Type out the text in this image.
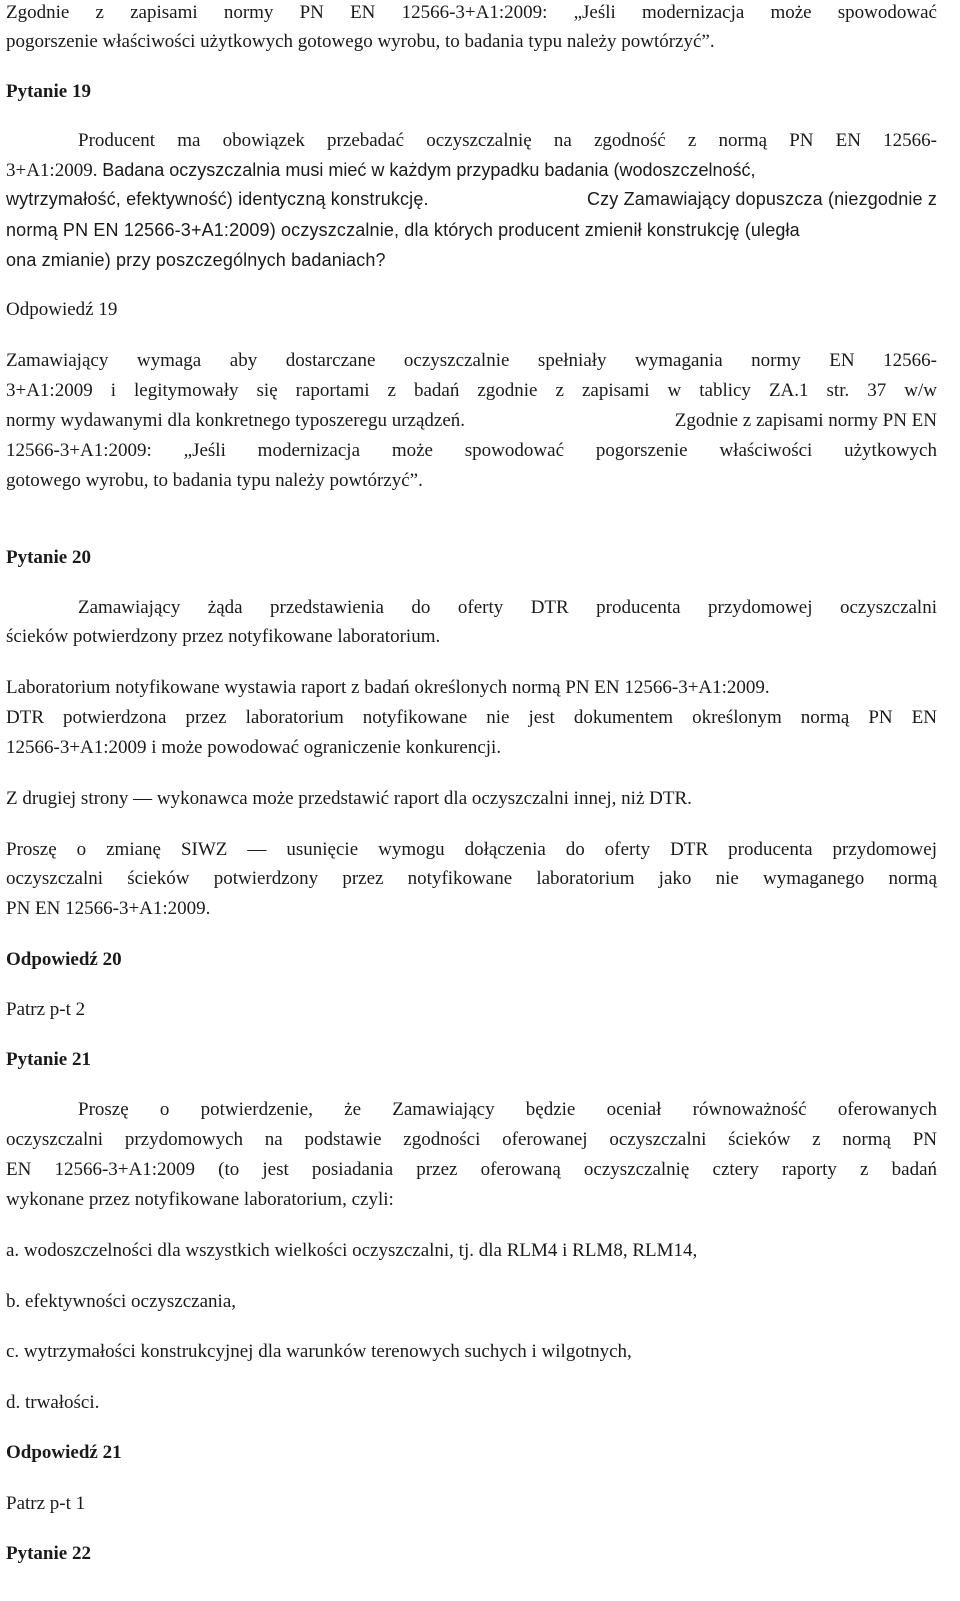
Zgodnie z zapisami normy PN EN 12566-3+A1:2009: „Jeśli modernizacja może spowodować
pogorszenie właściwości użytkowych gotowego wyrobu, to badania typu należy powtórzyć”.
Pytanie 19
Producent ma obowiązek przebadać oczyszczalnię na zgodność z normą PN EN 12566-
3+A1:2009. Badana oczyszczalnia musi mieć w każdym przypadku badania (wodoszczelność,
wytrzymałość, efektywność) identyczną konstrukcję.	Czy Zamawiający dopuszcza (niezgodnie z
normą PN EN 12566-3+A1:2009) oczyszczalnie, dla których producent zmienił konstrukcję (uległa
ona zmianie) przy poszczególnych badaniach?
Odpowiedź 19
Zamawiający wymaga aby dostarczane oczyszczalnie spełniały wymagania normy EN 12566-
3+A1:2009 i legitymowały się raportami z badań zgodnie z zapisami w tablicy ZA.1 str. 37 w/w
normy wydawanymi dla konkretnego typoszeregu urządzeń.	Zgodnie z zapisami normy PN EN
12566-3+A1:2009: „Jeśli modernizacja może spowodować pogorszenie właściwości użytkowych
gotowego wyrobu, to badania typu należy powtórzyć”.
Pytanie 20
Zamawiający żąda przedstawienia do oferty DTR producenta przydomowej oczyszczalni
ścieków potwierdzony przez notyfikowane laboratorium.
Laboratorium notyfikowane wystawia raport z badań określonych normą PN EN 12566-3+A1:2009.
DTR potwierdzona przez laboratorium notyfikowane nie jest dokumentem określonym normą PN EN
12566-3+A1:2009 i może powodować ograniczenie konkurencji.
Z drugiej strony — wykonawca może przedstawić raport dla oczyszczalni innej, niż DTR.
Proszę o zmianę SIWZ — usunięcie wymogu dołączenia do oferty DTR producenta przydomowej
oczyszczalni ścieków potwierdzony przez notyfikowane laboratorium jako nie wymaganego normą
PN EN 12566-3+A1:2009.
Odpowiedź 20
Patrz p-t 2
Pytanie 21
Proszę o potwierdzenie, że Zamawiający będzie oceniał równoważność oferowanych
oczyszczalni przydomowych na podstawie zgodności oferowanej oczyszczalni ścieków z normą PN
EN 12566-3+A1:2009 (to jest posiadania przez oferowaną oczyszczalnię cztery raporty z badań
wykonane przez notyfikowane laboratorium, czyli:
a. wodoszczelności dla wszystkich wielkości oczyszczalni, tj. dla RLM4 i RLM8, RLM14,
b. efektywności oczyszczania,
c. wytrzymałości konstrukcyjnej dla warunków terenowych suchych i wilgotnych,
d. trwałości.
Odpowiedź 21
Patrz p-t 1
Pytanie 22
